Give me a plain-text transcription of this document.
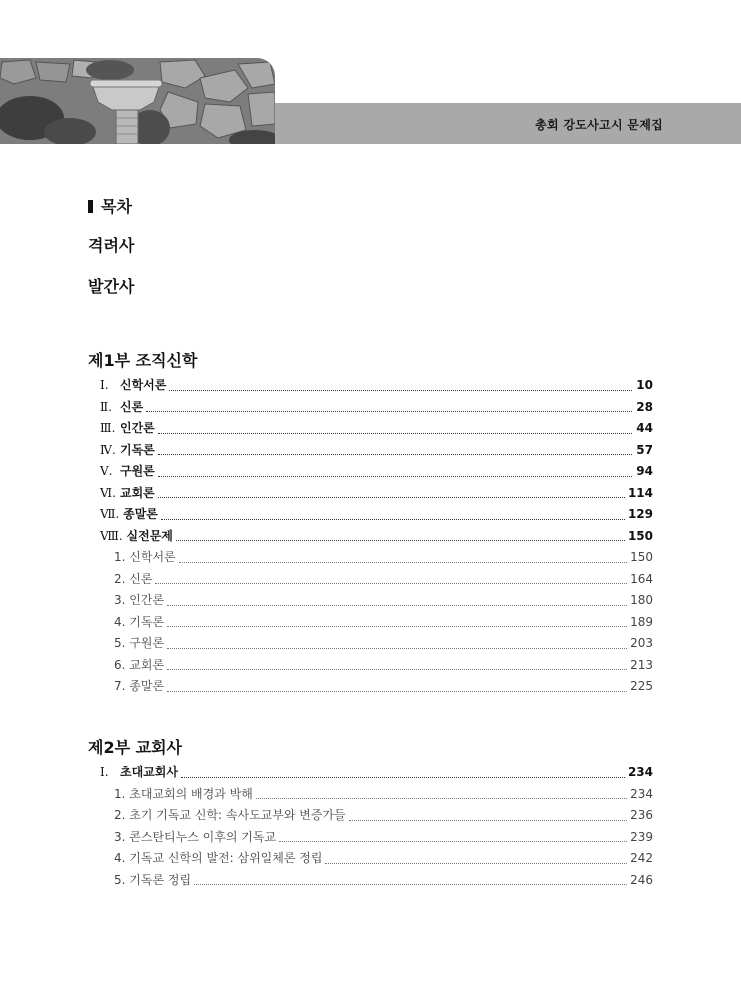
총회 강도사고시 문제집
목차
격려사
발간사
제1부 조직신학
Ⅰ. 신학서론	10
Ⅱ. 신론	28
Ⅲ. 인간론	44
Ⅳ. 기독론	57
Ⅴ. 구원론	94
Ⅵ. 교회론	114
Ⅶ. 종말론	129
Ⅷ. 실전문제	150
1. 신학서론	150
2. 신론	164
3. 인간론	180
4. 기독론	189
5. 구원론	203
6. 교회론	213
7. 종말론	225
제2부 교회사
Ⅰ. 초대교회사	234
1. 초대교회의 배경과 박해	234
2. 초기 기독교 신학: 속사도교부와 변증가들	236
3. 콘스탄티누스 이후의 기독교	239
4. 기독교 신학의 발전: 삼위일체론 정립	242
5. 기독론 정립	246
